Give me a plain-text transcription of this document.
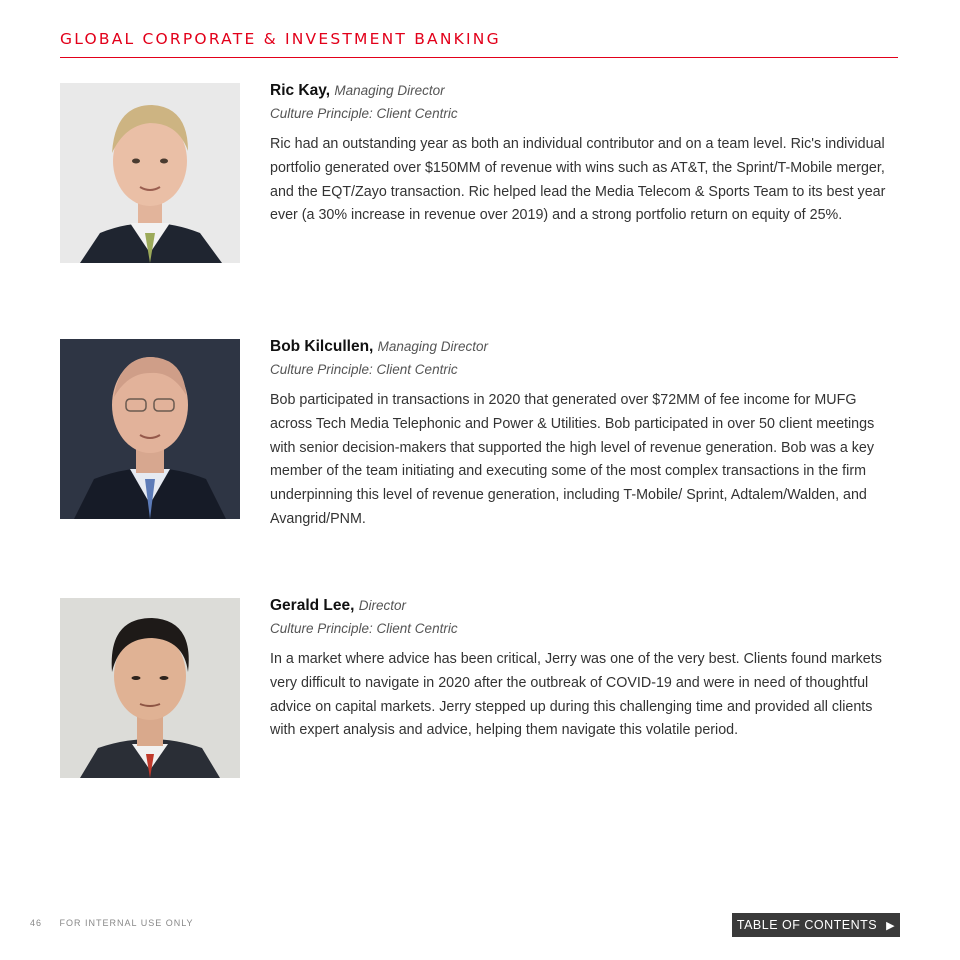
GLOBAL CORPORATE & INVESTMENT BANKING
Ric Kay, Managing Director
Culture Principle: Client Centric
Ric had an outstanding year as both an individual contributor and on a team level. Ric's individual portfolio generated over $150MM of revenue with wins such as AT&T, the Sprint/T-Mobile merger, and the EQT/Zayo transaction. Ric helped lead the Media Telecom & Sports Team to its best year ever (a 30% increase in revenue over 2019) and a strong portfolio return on equity of 25%.
Bob Kilcullen, Managing Director
Culture Principle: Client Centric
Bob participated in transactions in 2020 that generated over $72MM of fee income for MUFG across Tech Media Telephonic and Power & Utilities. Bob participated in over 50 client meetings with senior decision-makers that supported the high level of revenue generation. Bob was a key member of the team initiating and executing some of the most complex transactions in the firm underpinning this level of revenue generation, including T-Mobile/ Sprint, Adtalem/Walden, and Avangrid/PNM.
Gerald Lee, Director
Culture Principle: Client Centric
In a market where advice has been critical, Jerry was one of the very best. Clients found markets very difficult to navigate in 2020 after the outbreak of COVID-19 and were in need of thoughtful advice on capital markets. Jerry stepped up during this challenging time and provided all clients with expert analysis and advice, helping them navigate this volatile period.
46 FOR INTERNAL USE ONLY	TABLE OF CONTENTS ▶
